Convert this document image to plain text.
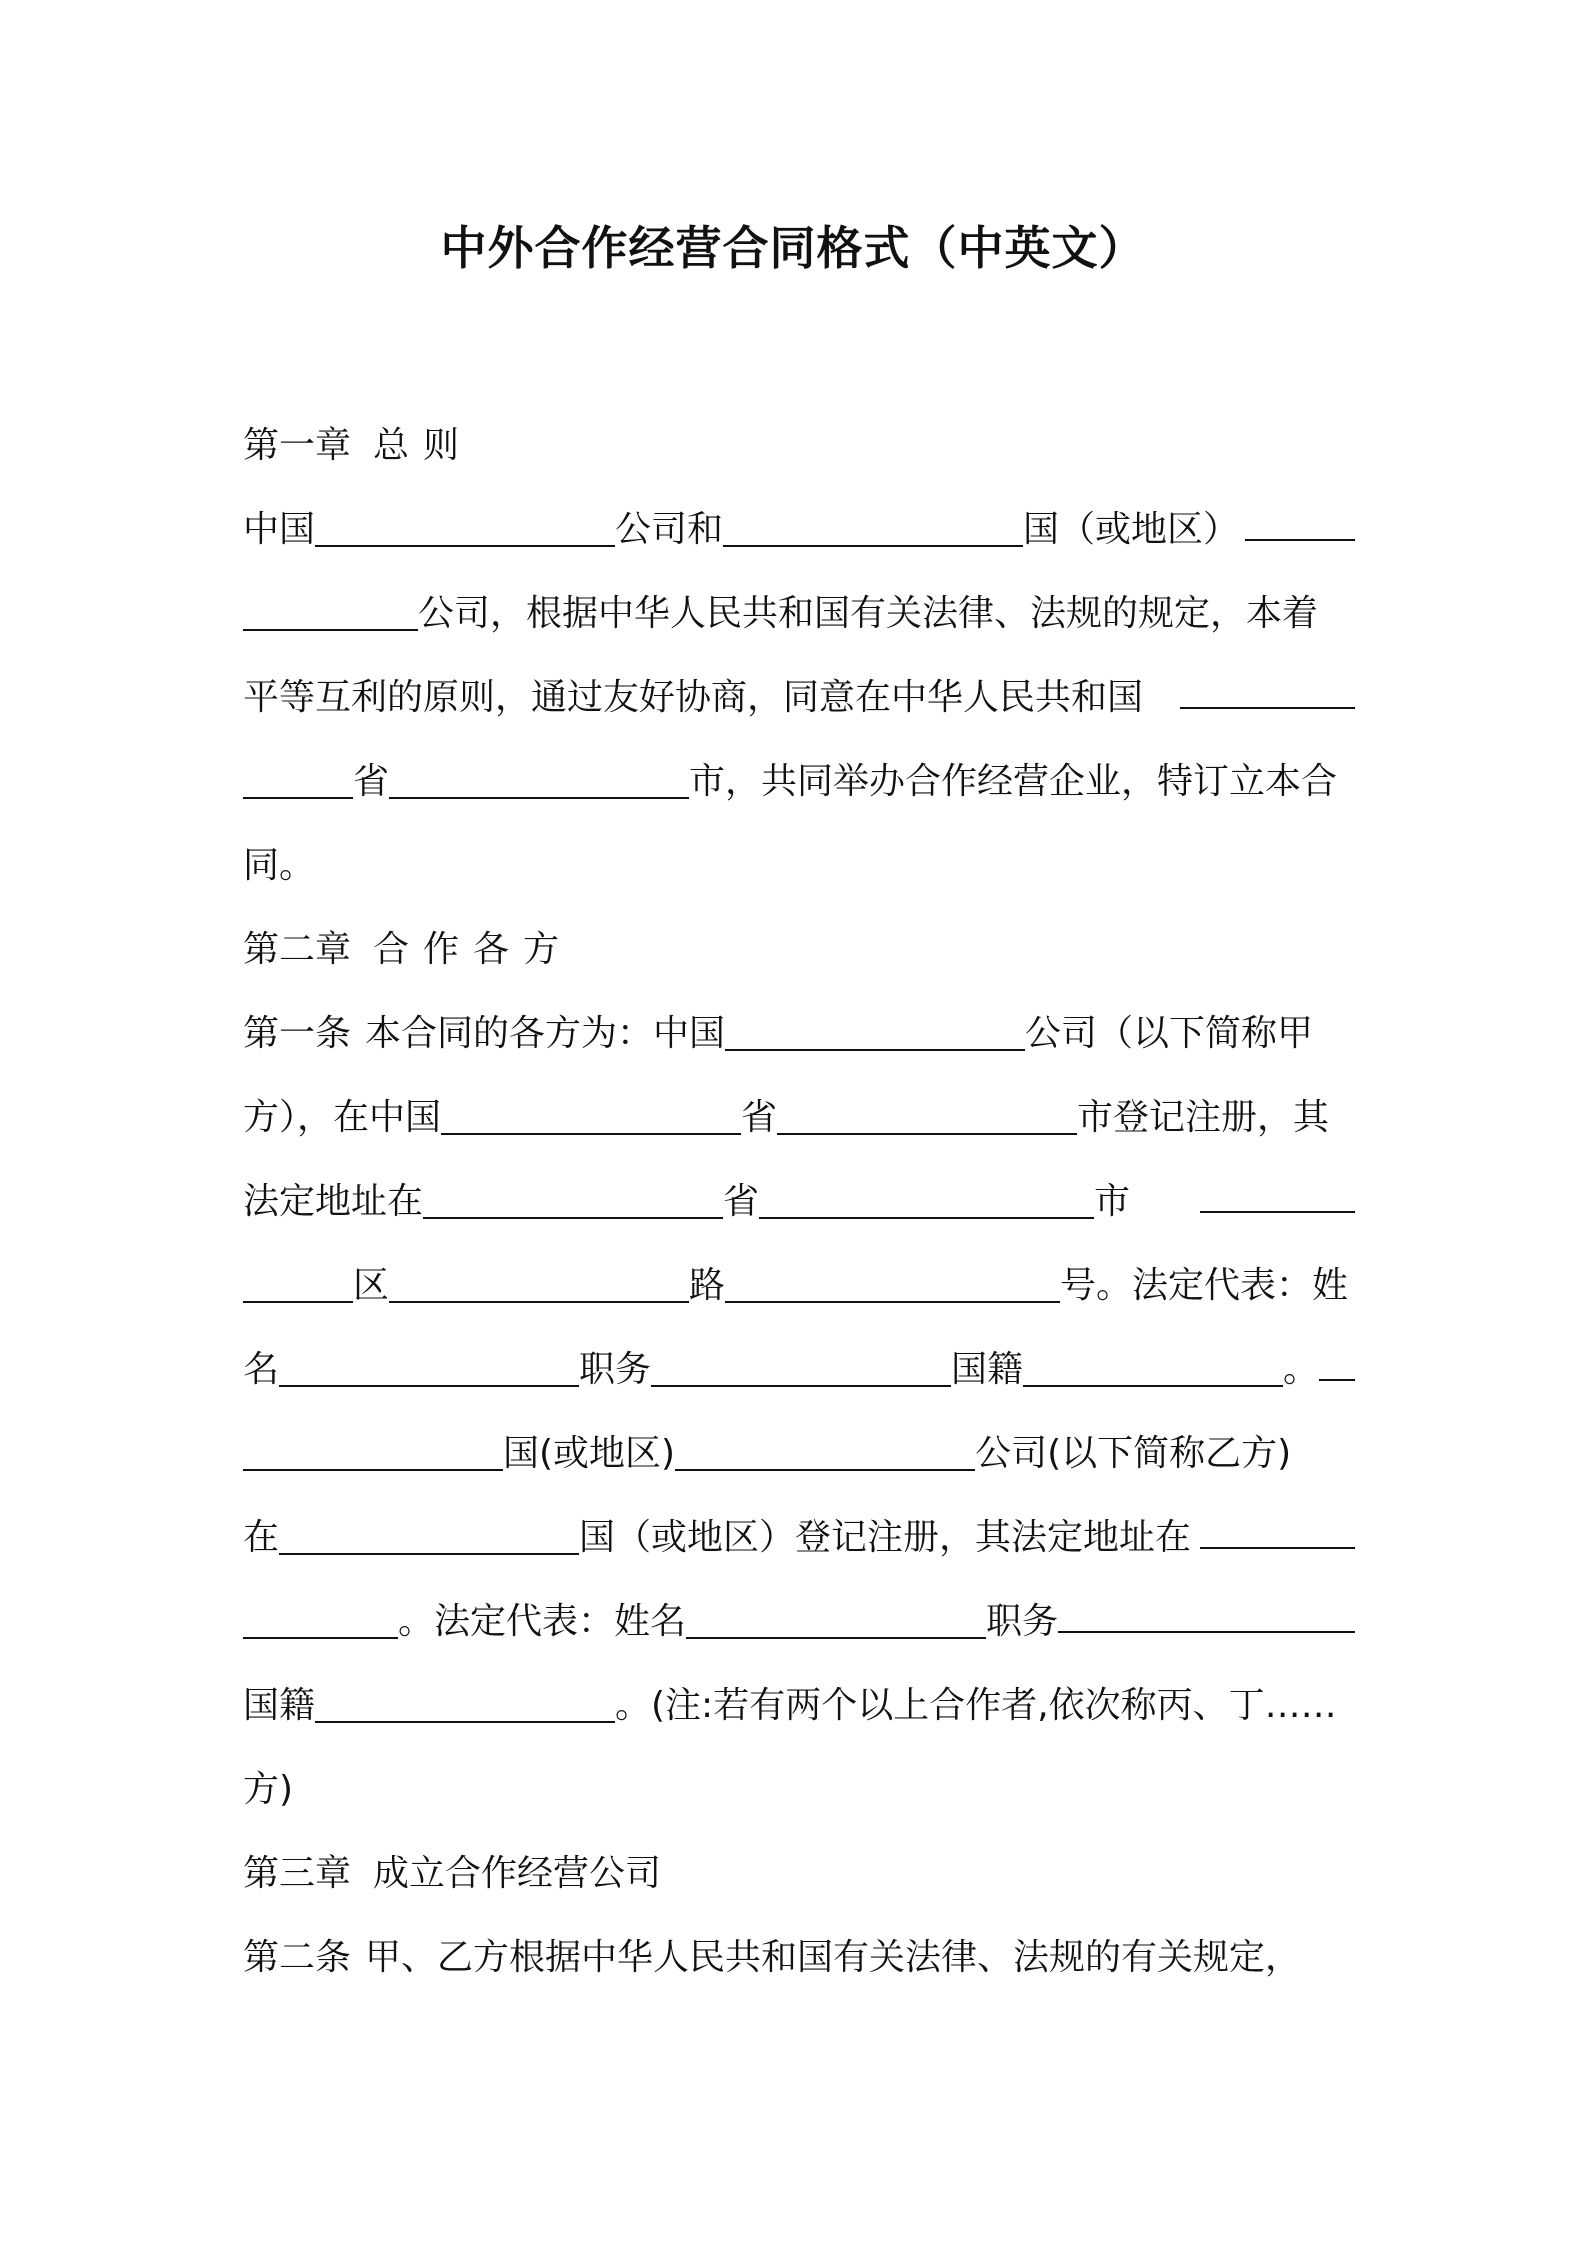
中外合作经营合同格式（中英文）
第一章 总 则
中国	公司和	国（或地区）
公司，根据中华人民共和国有关法律、法规的规定，本着
平等互利的原则，通过友好协商，同意在中华人民共和国
省	市，共同举办合作经营企业，特订立本合
同。
第二章 合 作 各 方
第一条 本合同的各方为：中国	公司（以下简称甲
方），在中国	省	市登记注册，其
法定地址在	省	市
区	路	号。法定代表：姓
名	职务	国籍	。
国(或地区)	公司(以下简称乙方)
在	国（或地区）登记注册，其法定地址在
。法定代表：姓名	职务
国籍	。(注:若有两个以上合作者,依次称丙、丁……
方)
第三章 成立合作经营公司
第二条 甲、乙方根据中华人民共和国有关法律、法规的有关规定，
